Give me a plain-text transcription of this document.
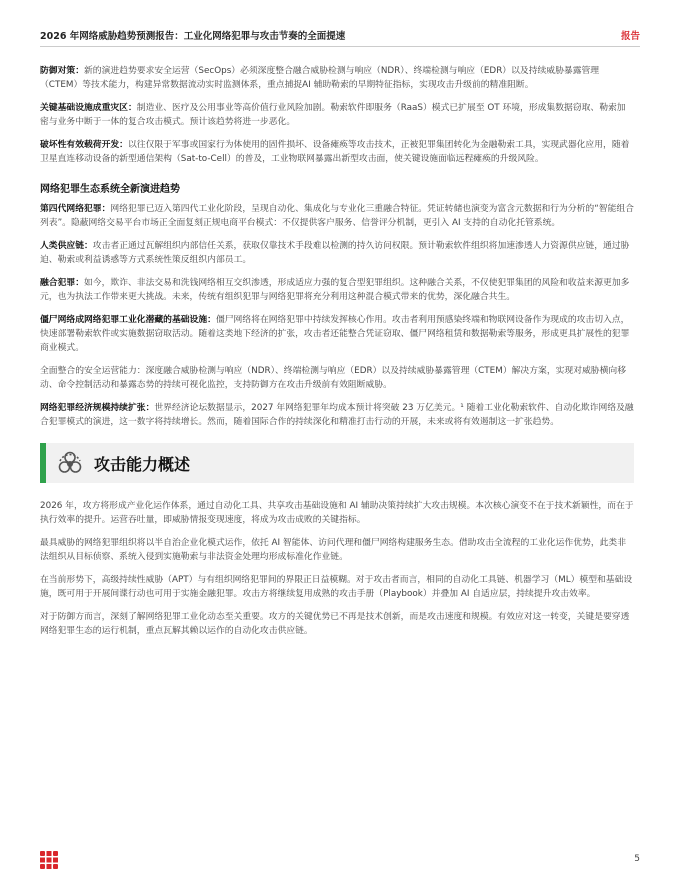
2026 年网络威胁趋势预测报告：工业化网络犯罪与攻击节奏的全面提速	报告

防御对策：新的演进趋势要求安全运营（SecOps）必须深度整合融合威胁检测与响应（NDR）、终端检测与响应（EDR）以及持续威胁暴露管理（CTEM）等技术能力，构建异常数据流动实时监测体系，重点捕捉AI 辅助勒索的早期特征指标，实现攻击升级前的精准阻断。

关键基础设施成重灾区：制造业、医疗及公用事业等高价值行业风险加剧。勒索软件即服务（RaaS）模式已扩展至 OT 环境，形成集数据窃取、勒索加密与业务中断于一体的复合攻击模式。预计该趋势将进一步恶化。

破坏性有效载荷开发：以往仅限于军事或国家行为体使用的固件损坏、设备瘫痪等攻击技术，正被犯罪集团转化为金融勒索工具，实现武器化应用，随着卫星直连移动设备的新型通信架构（Sat-to-Cell）的普及，工业物联网暴露出新型攻击面，使关键设施面临远程瘫痪的升级风险。

网络犯罪生态系统全新演进趋势

第四代网络犯罪：网络犯罪已迈入第四代工业化阶段，呈现自动化、集成化与专业化三重融合特征。凭证转储也演变为富含元数据和行为分析的“智能组合列表”。隐蔽网络交易平台市场正全面复刻正规电商平台模式：不仅提供客户服务、信誉评分机制，更引入 AI 支持的自动化托管系统。

人类供应链：攻击者正通过瓦解组织内部信任关系，获取仅靠技术手段难以检测的持久访问权限。预计勒索软件组织将加速渗透人力资源供应链，通过胁迫、勒索或利益诱惑等方式系统性策反组织内部员工。

融合犯罪：如今，欺诈、非法交易和洗钱网络相互交织渗透，形成适应力强的复合型犯罪组织。这种融合关系，不仅使犯罪集团的风险和收益来源更加多元，也为执法工作带来更大挑战。未来，传统有组织犯罪与网络犯罪将充分利用这种混合模式带来的优势，深化融合共生。

僵尸网络成网络犯罪工业化潜藏的基础设施：僵尸网络将在网络犯罪中持续发挥核心作用。攻击者利用预感染终端和物联网设备作为现成的攻击切入点，快速部署勒索软件或实施数据窃取活动。随着这类地下经济的扩张，攻击者还能整合凭证窃取、僵尸网络租赁和数据勒索等服务，形成更具扩展性的犯罪商业模式。

全面整合的安全运营能力：深度融合威胁检测与响应（NDR）、终端检测与响应（EDR）以及持续威胁暴露管理（CTEM）解决方案，实现对威胁横向移动、命令控制活动和暴露态势的持续可视化监控，支持防御方在攻击升级前有效阻断威胁。

网络犯罪经济规模持续扩张：世界经济论坛数据显示，2027 年网络犯罪年均成本预计将突破 23 万亿美元。¹ 随着工业化勒索软件、自动化欺诈网络及融合犯罪模式的演进，这一数字将持续增长。然而，随着国际合作的持续深化和精准打击行动的开展，未来或将有效遏制这一扩张趋势。

攻击能力概述

2026 年，攻方将形成产业化运作体系，通过自动化工具、共享攻击基础设施和 AI 辅助决策持续扩大攻击规模。本次核心演变不在于技术新颖性，而在于执行效率的提升。运营吞吐量，即威胁情报变现速度，将成为攻击成败的关键指标。

最具威胁的网络犯罪组织将以半自治企业化模式运作，依托 AI 智能体、访问代理和僵尸网络构建服务生态。借助攻击全流程的工业化运作优势，此类非法组织从目标侦察、系统入侵到实施勒索与非法资金处理均形成标准化作业链。

在当前形势下，高级持续性威胁（APT）与有组织网络犯罪间的界限正日益模糊。对于攻击者而言，相同的自动化工具链、机器学习（ML）模型和基础设施，既可用于开展间谍行动也可用于实施金融犯罪。攻击方将继续复用成熟的攻击手册（Playbook）并叠加 AI 自适应层，持续提升攻击效率。

对于防御方而言，深刻了解网络犯罪工业化动态至关重要。攻方的关键优势已不再是技术创新，而是攻击速度和规模。有效应对这一转变，关键是要穿透网络犯罪生态的运行机制，重点瓦解其赖以运作的自动化攻击供应链。

5
